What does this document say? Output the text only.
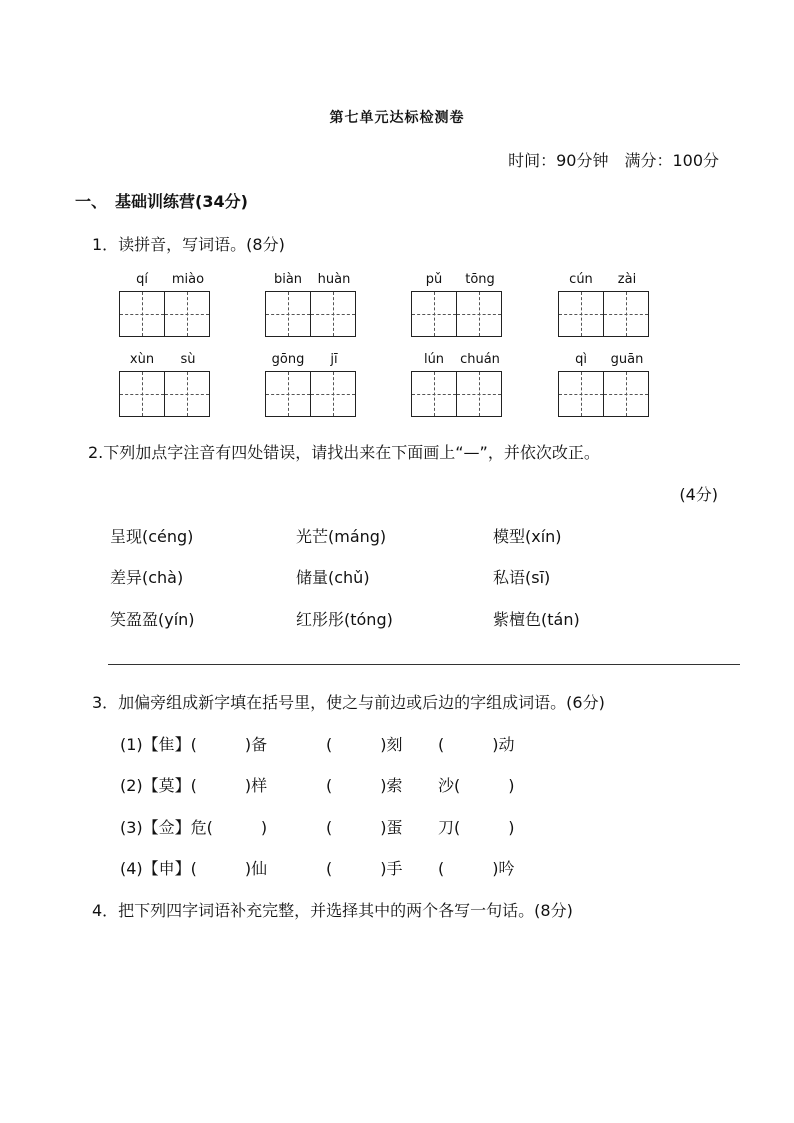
第七单元达标检测卷
时间：90分钟　满分：100分
一、　基础训练营(34分)
1．读拼音，写词语。(8分)
qí	miào	biàn	huàn	pǔ	tōng	cún	zài
xùn	sù	gōng	jī	lún	chuán	qì	guān
2.下列加点字注音有四处错误，请找出来在下面画上“—”，并依次改正。
(4分)
呈现(céng)	光芒(máng)	模型(xín)
差异(chà)	储量(chǔ)	私语(sī)
笑盈盈(yín)	红彤彤(tóng)	紫檀色(tán)
3．加偏旁组成新字填在括号里，使之与前边或后边的字组成词语。(6分)
(1)【隹】(　　　)备	(　　　)刻 (　　　)动
(2)【莫】(　　　)样	(　　　)索 沙(　　　)
(3)【佥】危(　　　)	(　　　)蛋 刀(　　　)
(4)【申】(　　　)仙	(　　　)手 (　　　)吟
4．把下列四字词语补充完整，并选择其中的两个各写一句话。(8分)
